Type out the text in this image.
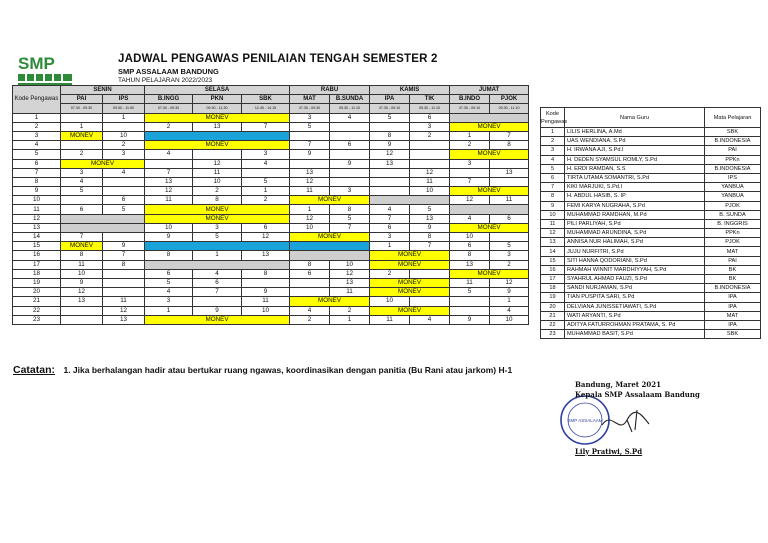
SMP	JADWAL PENGAWAS PENILAIAN TENGAH SEMESTER 2
SMP ASSALAAM BANDUNG
TAHUN PELAJARAN 2022/2023
Kode Pengawas	SENIN		SELASA			RABU		KAMIS		JUMAT	
	PAI	IPS	B.INGG	PKN	SBK	MAT	B.SUNDA	IPA	TIK	B.INDO	PJOK
	07.30 - 09.30	09.50 - 11.50	07.30 - 09.30	09.30 - 11.30	12.45 - 14.15	07.30 - 09.30	09.30 - 11.10	07.30 - 09.10	09.30 - 11.10	07.30 - 09.10	09.30 - 11.10
1		1	MONEV			3	4	5	6		
2	1		2	13	7	5			3	MONEV	
3	MONEV	10						8	2	1	7
4		2	MONEV			7	6	9		2	8
5	2	3	4		3	9		12		MONEV	
6	MONEV			12	4		9	13		3	
7	3	4	7	11		13			12		13
8	4		13	10	5	12			11	7	
9	5		12	2	1	11	3		10	MONEV	
10		6	11	8	2	MONEV				12	11
11	6	5	MONEV			1	8	4	5		
12			MONEV			12	5	7	13	4	6
13			10	3	6	10	7	6	9	MONEV	
14	7		9	5	12	MONEV		3	8	10	
15	MONEV	9						1	7	6	5
16	8	7	8	1	13			MONEV		8	3
17	11	8				8	10	MONEV		13	2
18	10		6	4	8	6	12	2		MONEV	
19	9		5	6			13	MONEV		11	12
20	12		4	7	9		11	MONEV		5	9
21	13	11	3		11	MONEV		10			1
22		12	1	9	10	4	2	MONEV			4
23		13	MONEV			2	1	11	4	9	10
Kode Pengawas	Nama Guru	Mata Pelajaran
1	LILIS HERLINA, A.Md	SBK
2	UAS WENDIANA, S.Pd	B.INDONESIA
3	H. IRWANA AJI, S.Pd.I	PAI
4	H. DEDEN SYAMSUL ROMLY, S.Pd	PPKn
5	H. ERDI RAMDAN, S.S	B.INDONESIA
6	TIRTA UTAMA SOMANTRI, S.Pd	IPS
7	KIKI MARJUKI, S.Pd.I	YANBUA
8	H. ABDUL HASIB, S. IP	YANBUA
9	FEMI KARYA NUGRAHA, S.Pd	PJOK
10	MUHAMMAD RAMDHAN, M.Pd	B. SUNDA
11	PILI PARLIYAH, S.Pd	B. INGGRIS
12	MUHAMMAD ARUNDINA, S.Pd	PPKn
13	ANNISA NUR HALIMAH, S.Pd	PJOK
14	JUJU NURFITRI, S.Pd	MAT
15	SITI HANNA QODORIANI, S.Pd	PAI
16	RAHMAH WINNIT MARDHIYYAH, S.Pd	BK
17	SYAHRUL AHMAD FAUZI, S.Pd	BK
18	SANDI NURJAMAN, S.Pd	B.INDONESIA
19	TIAN PUSPITA SARI, S.Pd	IPA
20	DELVIANA JUNISSETIAWATI, S.Pd	IPA
21	WATI ARYANTI, S.Pd	MAT
22	ADITYA FATURROHMAN PRATAMA, S. Pd	IPA
23	MUHAMMAD BASIT, S.Pd	SBK
Catatan: 1. Jika berhalangan hadir atau bertukar ruang ngawas, koordinasikan dengan panitia (Bu Rani atau jarkom) H-1
SMP ASSALAAM
Bandung, Maret 2021
Kepala SMP Assalaam Bandung
Lily Pratiwi, S.Pd
